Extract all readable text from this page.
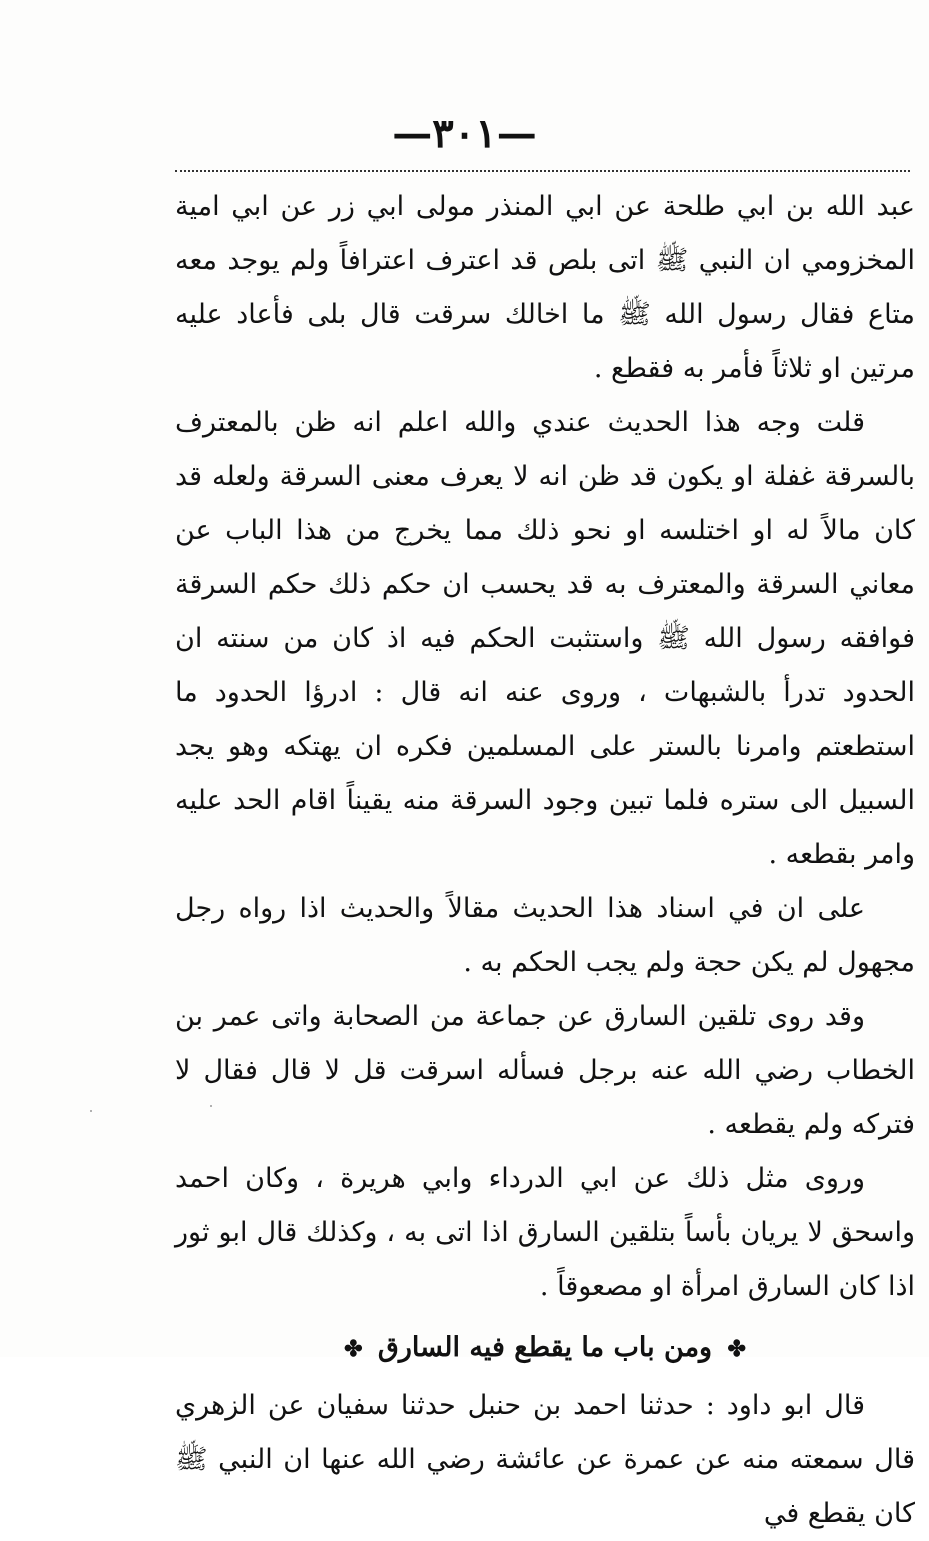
—٣٠١—

عبد الله بن ابي طلحة عن ابي المنذر مولى ابي زر عن ابي امية المخزومي ان النبي ﷺ اتى بلص قد اعترف اعترافاً ولم يوجد معه متاع فقال رسول الله ﷺ ما اخالك سرقت قال بلى فأعاد عليه مرتين او ثلاثاً فأمر به فقطع .

قلت وجه هذا الحديث عندي والله اعلم انه ظن بالمعترف بالسرقة غفلة او يكون قد ظن انه لا يعرف معنى السرقة ولعله قد كان مالاً له او اختلسه او نحو ذلك مما يخرج من هذا الباب عن معاني السرقة والمعترف به قد يحسب ان حكم ذلك حكم السرقة فوافقه رسول الله ﷺ واستثبت الحكم فيه اذ كان من سنته ان الحدود تدرأ بالشبهات ، وروى عنه انه قال : ادرؤا الحدود ما استطعتم وامرنا بالستر على المسلمين فكره ان يهتكه وهو يجد السبيل الى ستره فلما تبين وجود السرقة منه يقيناً اقام الحد عليه وامر بقطعه .

على ان في اسناد هذا الحديث مقالاً والحديث اذا رواه رجل مجهول لم يكن حجة ولم يجب الحكم به .

وقد روى تلقين السارق عن جماعة من الصحابة واتى عمر بن الخطاب رضي الله عنه برجل فسأله اسرقت قل لا قال فقال لا فتركه ولم يقطعه .

وروى مثل ذلك عن ابي الدرداء وابي هريرة ، وكان احمد واسحق لا يريان بأساً بتلقين السارق اذا اتى به ، وكذلك قال ابو ثور اذا كان السارق امرأة او مصعوقاً .

✤ ومن باب ما يقطع فيه السارق ✤

قال ابو داود : حدثنا احمد بن حنبل حدثنا سفيان عن الزهري قال سمعته منه عن عمرة عن عائشة رضي الله عنها ان النبي ﷺ كان يقطع في
